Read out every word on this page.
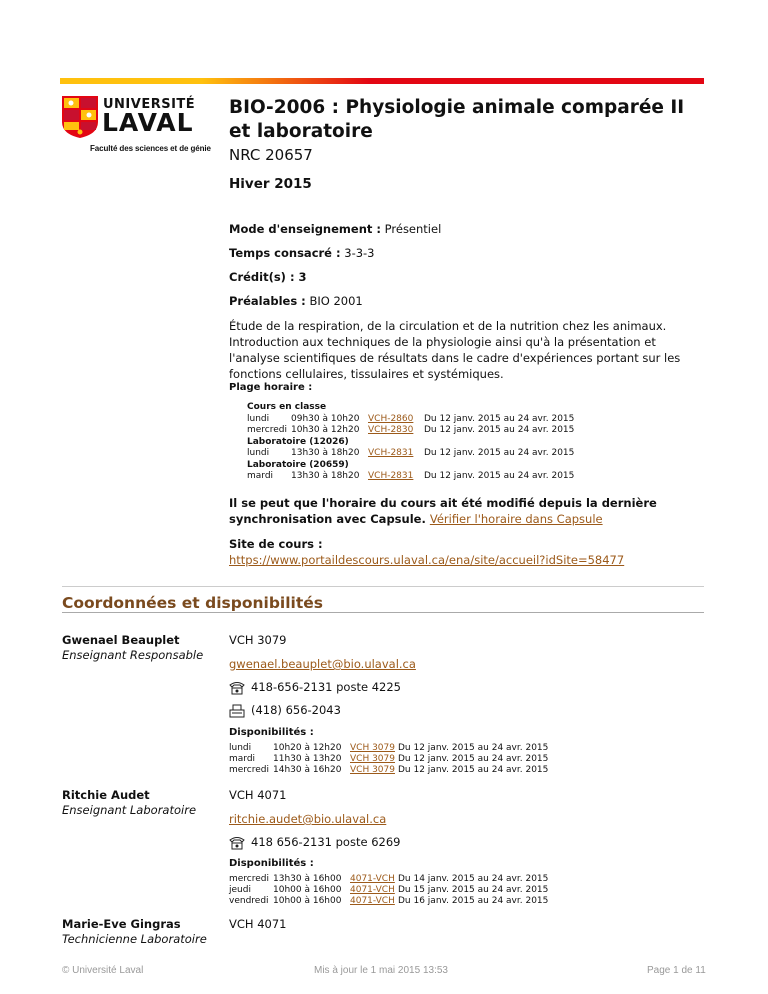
UNIVERSITÉ
LAVAL
Faculté des sciences et de génie
BIO-2006 : Physiologie animale comparée II et laboratoire
NRC 20657
Hiver 2015
Mode d'enseignement : Présentiel
Temps consacré : 3-3-3
Crédit(s) : 3
Préalables : BIO 2001
Étude de la respiration, de la circulation et de la nutrition chez les animaux. Introduction aux techniques de la physiologie ainsi qu'à la présentation et l'analyse scientifiques de résultats dans le cadre d'expériences portant sur les fonctions cellulaires, tissulaires et systémiques.
Plage horaire :
Cours en classe			
lundi	09h30 à 10h20	VCH-2860	Du 12 janv. 2015 au 24 avr. 2015
mercredi	10h30 à 12h20	VCH-2830	Du 12 janv. 2015 au 24 avr. 2015
Laboratoire (12026)			
lundi	13h30 à 18h20	VCH-2831	Du 12 janv. 2015 au 24 avr. 2015
Laboratoire (20659)			
mardi	13h30 à 18h20	VCH-2831	Du 12 janv. 2015 au 24 avr. 2015
Il se peut que l'horaire du cours ait été modifié depuis la dernière synchronisation avec Capsule. Vérifier l'horaire dans Capsule
Site de cours :
https://www.portaildescours.ulaval.ca/ena/site/accueil?idSite=58477
Coordonnées et disponibilités
Gwenael Beauplet
Enseignant Responsable
VCH 3079
gwenael.beauplet@bio.ulaval.ca
418-656-2131 poste 4225
(418) 656-2043
Disponibilités :
lundi	10h20 à 12h20	VCH 3079	Du 12 janv. 2015 au 24 avr. 2015
mardi	11h30 à 13h20	VCH 3079	Du 12 janv. 2015 au 24 avr. 2015
mercredi	14h30 à 16h20	VCH 3079	Du 12 janv. 2015 au 24 avr. 2015
Ritchie Audet
Enseignant Laboratoire
VCH 4071
ritchie.audet@bio.ulaval.ca
418 656-2131 poste 6269
Disponibilités :
mercredi	13h30 à 16h00	4071-VCH	Du 14 janv. 2015 au 24 avr. 2015
jeudi	10h00 à 16h00	4071-VCH	Du 15 janv. 2015 au 24 avr. 2015
vendredi	10h00 à 16h00	4071-VCH	Du 16 janv. 2015 au 24 avr. 2015
Marie-Eve Gingras
Technicienne Laboratoire
VCH 4071
© Université Laval	Mis à jour le 1 mai 2015 13:53	Page 1 de 11
